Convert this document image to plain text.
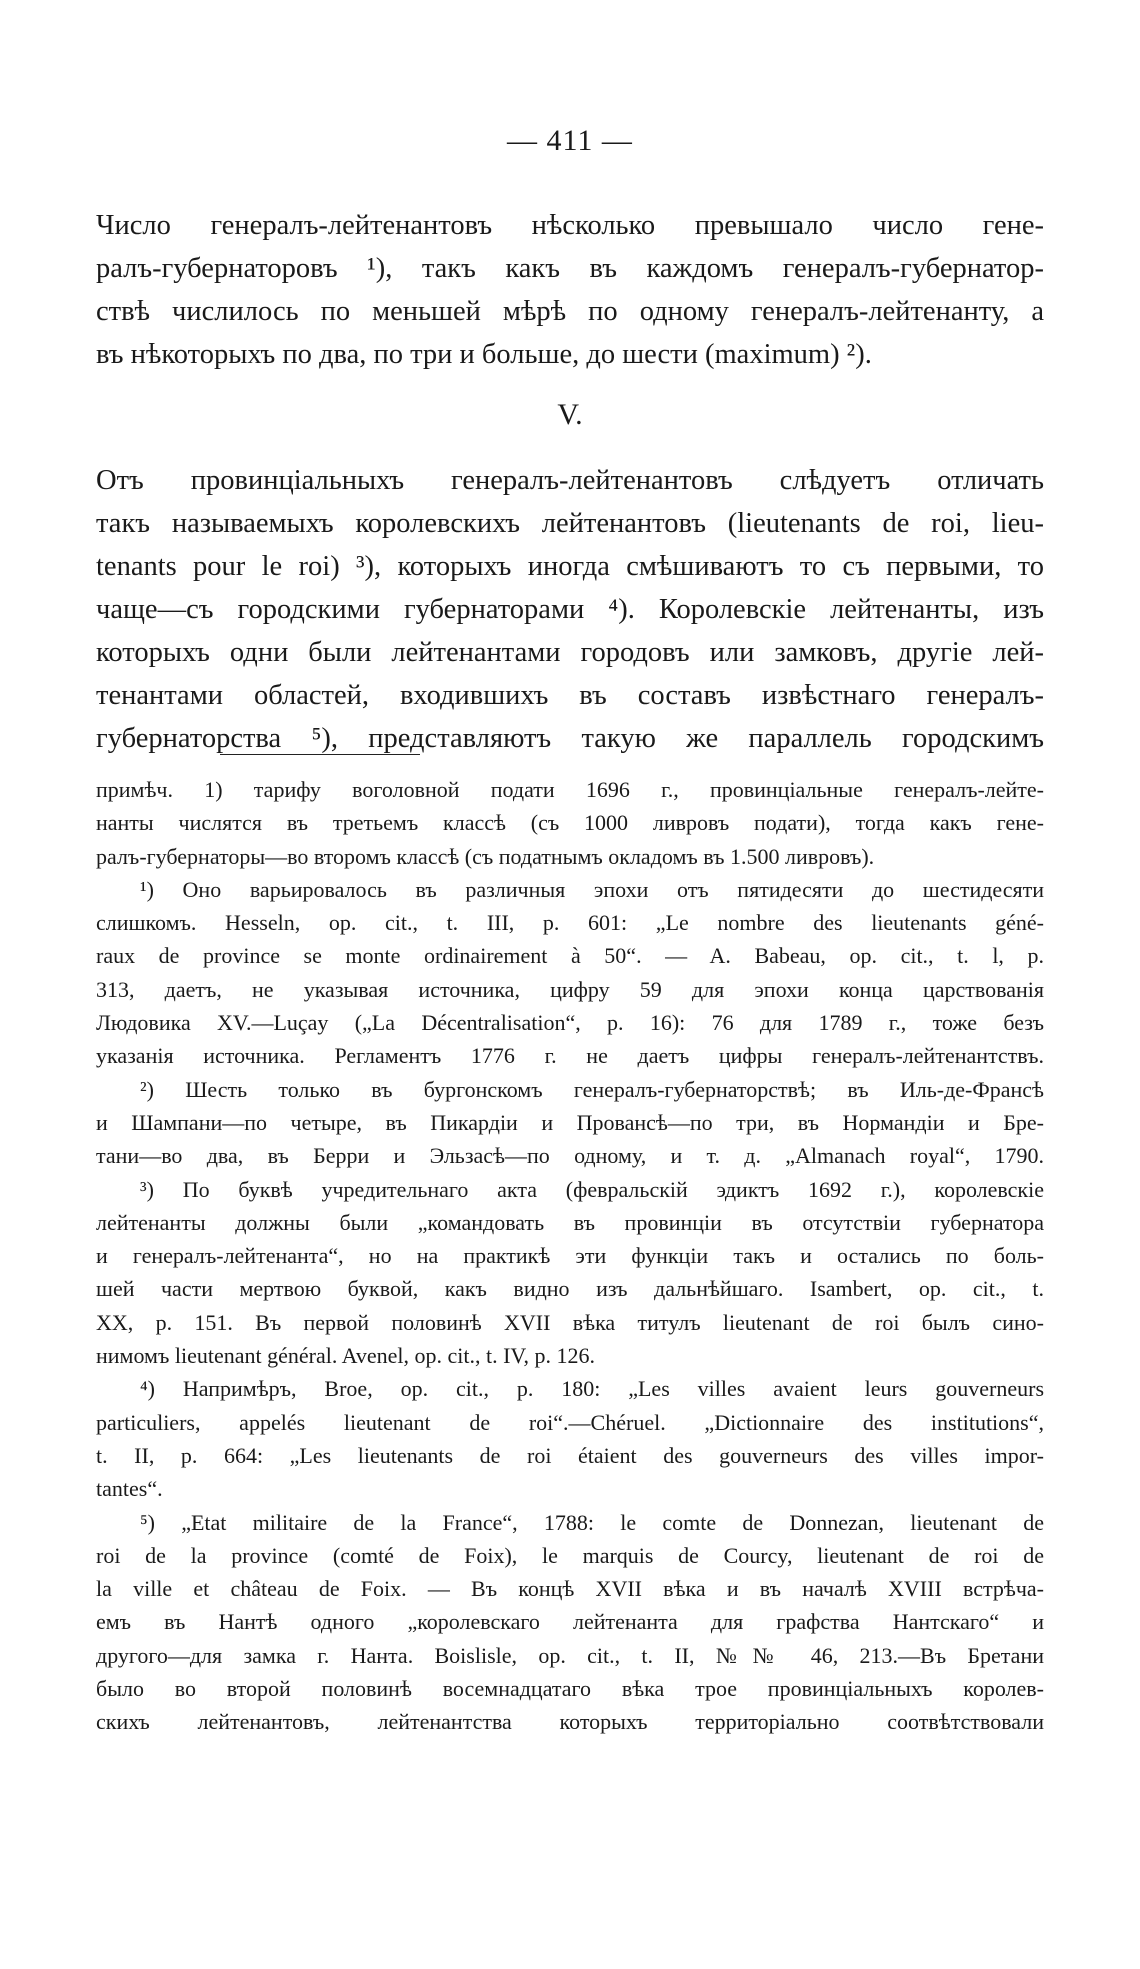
— 411 —
Число генералъ-лейтенантовъ нѣсколько превышало число гене-
ралъ-губернаторовъ ¹), такъ какъ въ каждомъ генералъ-губернатор-
ствѣ числилось по меньшей мѣрѣ по одному генералъ-лейтенанту, а
въ нѣкоторыхъ по два, по три и больше, до шести (maximum) ²).
V.
Отъ провинціальныхъ генералъ-лейтенантовъ слѣдуетъ отличать
такъ называемыхъ королевскихъ лейтенантовъ (lieutenants de roi, lieu-
tenants pour le roi) ³), которыхъ иногда смѣшиваютъ то съ первыми, то
чаще—съ городскими губернаторами ⁴). Королевскіе лейтенанты, изъ
которыхъ одни были лейтенантами городовъ или замковъ, другіе лей-
тенантами областей, входившихъ въ составъ извѣстнаго генералъ-
губернаторства ⁵), представляютъ такую же параллель городскимъ
примѣч. 1) тарифу воголовной подати 1696 г., провинціальные генералъ-лейте-
нанты числятся въ третьемъ классѣ (съ 1000 ливровъ подати), тогда какъ гене-
ралъ-губернаторы—во второмъ классѣ (съ податнымъ окладомъ въ 1.500 ливровъ).
¹) Оно варьировалось въ различныя эпохи отъ пятидесяти до шестидесяти
слишкомъ. Hesseln, op. cit., t. III, p. 601: „Le nombre des lieutenants géné-
raux de province se monte ordinairement à 50“. — A. Babeau, op. cit., t. l, p.
313, даетъ, не указывая источника, цифру 59 для эпохи конца царствованія
Людовика XV.—Luçay („La Décentralisation“, p. 16): 76 для 1789 г., тоже безъ
указанія источника. Регламентъ 1776 г. не даетъ цифры генералъ-лейтенантствъ.
²) Шесть только въ бургонскомъ генералъ-губернаторствѣ; въ Иль-де-Франсѣ
и Шампани—по четыре, въ Пикардіи и Провансѣ—по три, въ Нормандіи и Бре-
тани—во два, въ Берри и Эльзасѣ—по одному, и т. д. „Almanach royal“, 1790.
³) По буквѣ учредительнаго акта (февральскій эдиктъ 1692 г.), королевскіе
лейтенанты должны были „командовать въ провинціи въ отсутствіи губернатора
и генералъ-лейтенанта“, но на практикѣ эти функціи такъ и остались по боль-
шей части мертвою буквой, какъ видно изъ дальнѣйшаго. Isambert, op. cit., t.
XX, p. 151. Въ первой половинѣ XVII вѣка титулъ lieutenant de roi былъ сино-
нимомъ lieutenant général. Avenel, op. cit., t. IV, p. 126.
⁴) Напримѣръ, Broe, op. cit., p. 180: „Les villes avaient leurs gouverneurs
particuliers, appelés lieutenant de roi“.—Chéruel. „Dictionnaire des institutions“,
t. II, p. 664: „Les lieutenants de roi étaient des gouverneurs des villes impor-
tantes“.
⁵) „Etat militaire de la France“, 1788: le comte de Donnezan, lieutenant de
roi de la province (comté de Foix), le marquis de Courcy, lieutenant de roi de
la ville et château de Foix. — Въ концѣ XVII вѣка и въ началѣ XVIII встрѣча-
емъ въ Нантѣ одного „королевскаго лейтенанта для графства Нантскаго“ и
другого—для замка г. Нанта. Boislisle, op. cit., t. II, №№ 46, 213.—Въ Бретани
было во второй половинѣ восемнадцатаго вѣка трое провинціальныхъ королев-
скихъ лейтенантовъ, лейтенантства которыхъ территоріально соотвѣтствовали
